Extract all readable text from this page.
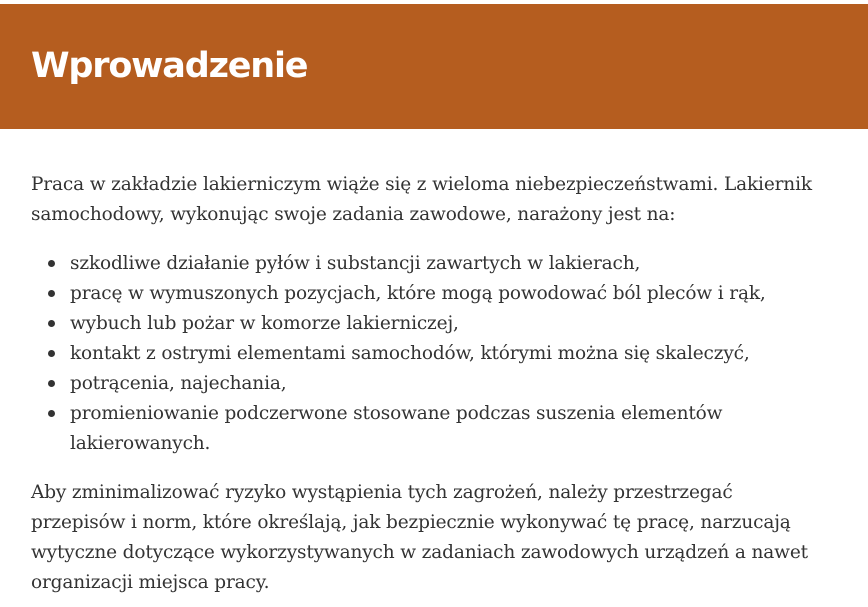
Wprowadzenie

Praca w zakładzie lakierniczym wiąże się z wieloma niebezpieczeństwami. Lakiernik samochodowy, wykonując swoje zadania zawodowe, narażony jest na:

szkodliwe działanie pyłów i substancji zawartych w lakierach,
pracę w wymuszonych pozycjach, które mogą powodować ból pleców i rąk,
wybuch lub pożar w komorze lakierniczej,
kontakt z ostrymi elementami samochodów, którymi można się skaleczyć,
potrącenia, najechania,
promieniowanie podczerwone stosowane podczas suszenia elementów lakierowanych.

Aby zminimalizować ryzyko wystąpienia tych zagrożeń, należy przestrzegać przepisów i norm, które określają, jak bezpiecznie wykonywać tę pracę, narzucają wytyczne dotyczące wykorzystywanych w zadaniach zawodowych urządzeń a nawet organizacji miejsca pracy.
